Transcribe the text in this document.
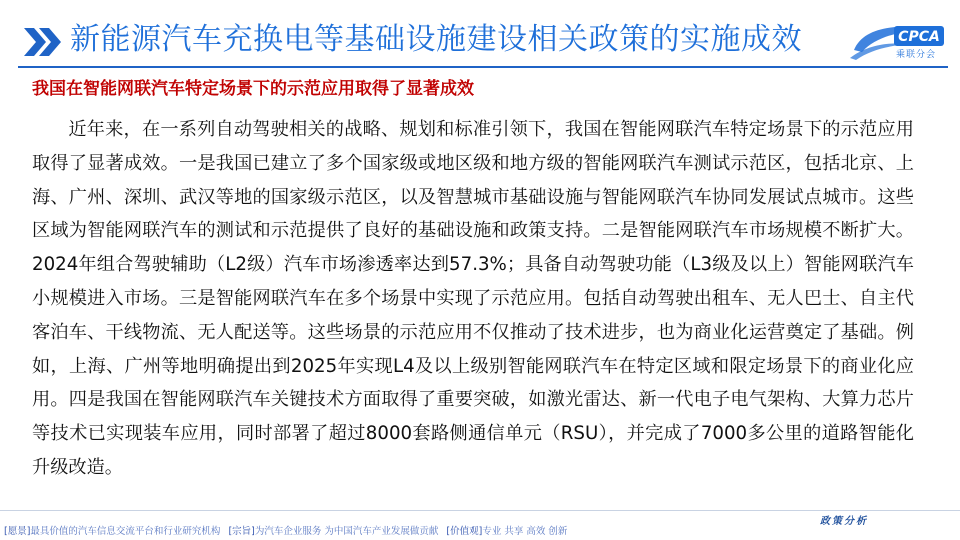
新能源汽车充换电等基础设施建设相关政策的实施成效	CPCA
乘联分会
我国在智能网联汽车特定场景下的示范应用取得了显著成效

近年来，在一系列自动驾驶相关的战略、规划和标准引领下，我国在智能网联汽车特定场景下的示范应用取得了显著成效。一是我国已建立了多个国家级或地区级和地方级的智能网联汽车测试示范区，包括北京、上海、广州、深圳、武汉等地的国家级示范区，以及智慧城市基础设施与智能网联汽车协同发展试点城市。这些区域为智能网联汽车的测试和示范提供了良好的基础设施和政策支持。二是智能网联汽车市场规模不断扩大。2024年组合驾驶辅助（L2级）汽车市场渗透率达到57.3%；具备自动驾驶功能（L3级及以上）智能网联汽车小规模进入市场。三是智能网联汽车在多个场景中实现了示范应用。包括自动驾驶出租车、无人巴士、自主代客泊车、干线物流、无人配送等。这些场景的示范应用不仅推动了技术进步，也为商业化运营奠定了基础。例如，上海、广州等地明确提出到2025年实现L4及以上级别智能网联汽车在特定区域和限定场景下的商业化应用。四是我国在智能网联汽车关键技术方面取得了重要突破，如激光雷达、新一代电子电气架构、大算力芯片等技术已实现装车应用，同时部署了超过8000套路侧通信单元（RSU），并完成了7000多公里的道路智能化升级改造。

政策分析
[愿景]最具价值的汽车信息交流平台和行业研究机构 [宗旨]为汽车企业服务 为中国汽车产业发展做贡献 [价值观]专业 共享 高效 创新
